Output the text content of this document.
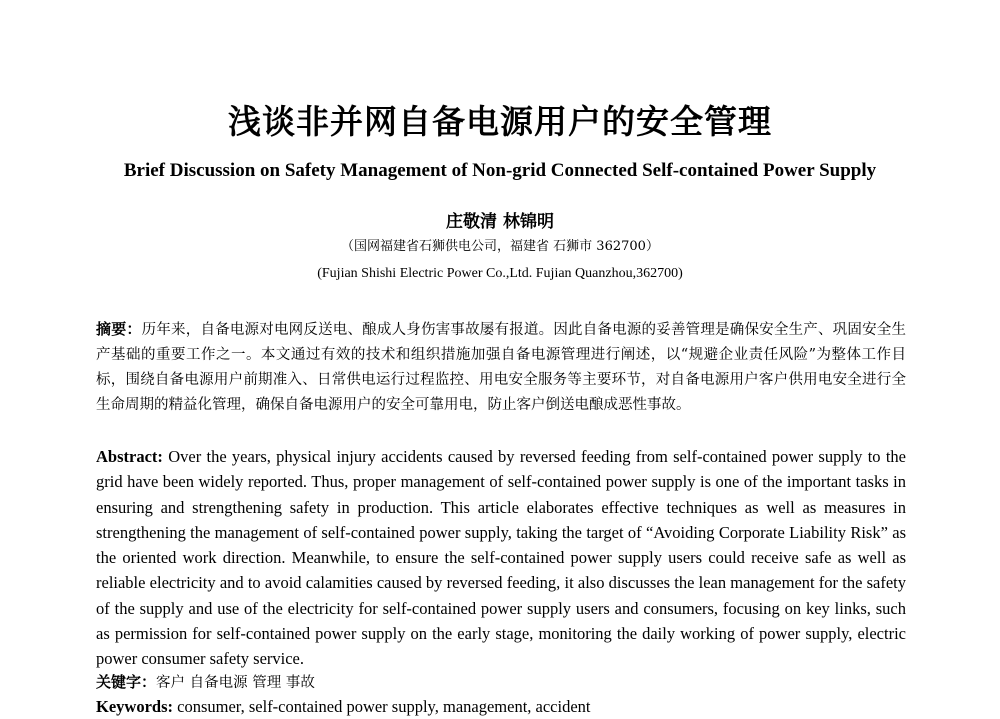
浅谈非并网自备电源用户的安全管理
Brief Discussion on Safety Management of Non-grid Connected Self-contained Power Supply
庄敬清 林锦明
（国网福建省石狮供电公司，福建省 石狮市 362700）
(Fujian Shishi Electric Power Co.,Ltd. Fujian Quanzhou,362700)
摘要：历年来，自备电源对电网反送电、酿成人身伤害事故屡有报道。因此自备电源的妥善管理是确保安全生产、巩固安全生产基础的重要工作之一。本文通过有效的技术和组织措施加强自备电源管理进行阐述，以“规避企业责任风险”为整体工作目标，围绕自备电源用户前期准入、日常供电运行过程监控、用电安全服务等主要环节，对自备电源用户客户供用电安全进行全生命周期的精益化管理，确保自备电源用户的安全可靠用电，防止客户倒送电酿成恶性事故。
Abstract: Over the years, physical injury accidents caused by reversed feeding from self-contained power supply to the grid have been widely reported. Thus, proper management of self-contained power supply is one of the important tasks in ensuring and strengthening safety in production. This article elaborates effective techniques as well as measures in strengthening the management of self-contained power supply, taking the target of “Avoiding Corporate Liability Risk” as the oriented work direction. Meanwhile, to ensure the self-contained power supply users could receive safe as well as reliable electricity and to avoid calamities caused by reversed feeding, it also discusses the lean management for the safety of the supply and use of the electricity for self-contained power supply users and consumers, focusing on key links, such as permission for self-contained power supply on the early stage, monitoring the daily working of power supply, electric power consumer safety service.
关键字：客户 自备电源 管理 事故
Keywords: consumer, self-contained power supply, management, accident
